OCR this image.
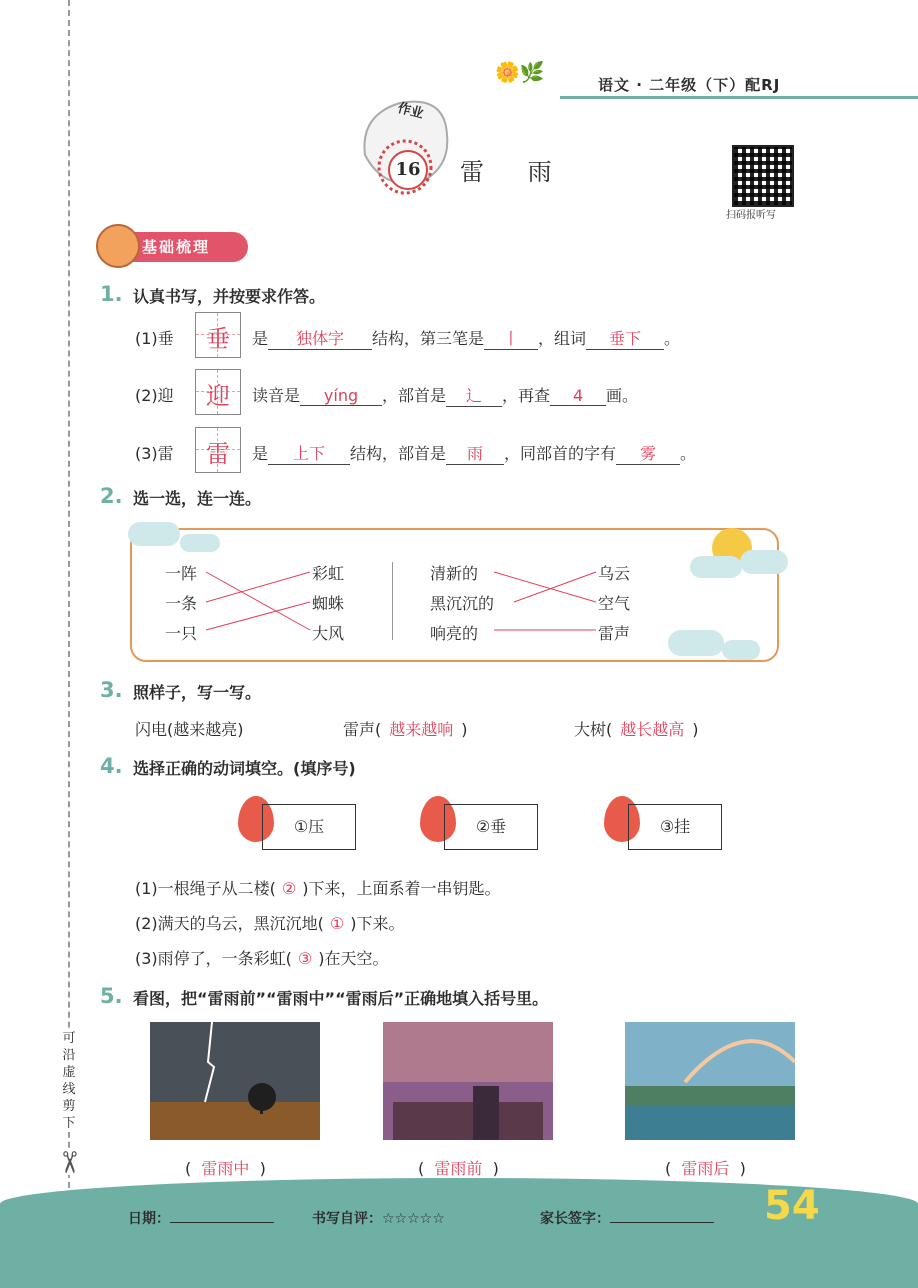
可沿虚线剪下
✂
🌼🌿
语文 · 二年级（下）配RJ
作业
16	雷 雨
扫码报听写
基础梳理
1. 认真书写，并按要求作答。
(1)垂	垂	是 独体字 结构，第三笔是 丨 ，组词 垂下 。
(2)迎	迎	读音是 yíng ，部首是 辶 ，再查 4 画。
(3)雷	雷	是 上下 结构，部首是 雨 ，同部首的字有 雾 。
2. 选一选，连一连。
一阵
一条
一只
彩虹
蜘蛛
大风
清新的
黑沉沉的
响亮的
乌云
空气
雷声
3. 照样子，写一写。
闪电(越来越亮)	雷声( 越来越响 )	大树( 越长越高 )
4. 选择正确的动词填空。(填序号)
①压	②垂	③挂
(1)一根绳子从二楼( ② )下来，上面系着一串钥匙。
(2)满天的乌云，黑沉沉地( ① )下来。
(3)雨停了，一条彩虹( ③ )在天空。
5. 看图，把“雷雨前”“雷雨中”“雷雨后”正确地填入括号里。
(  雷雨中  )	(  雷雨前  )	(  雷雨后  )
日期：	书写自评：☆☆☆☆☆	家长签字：	54
